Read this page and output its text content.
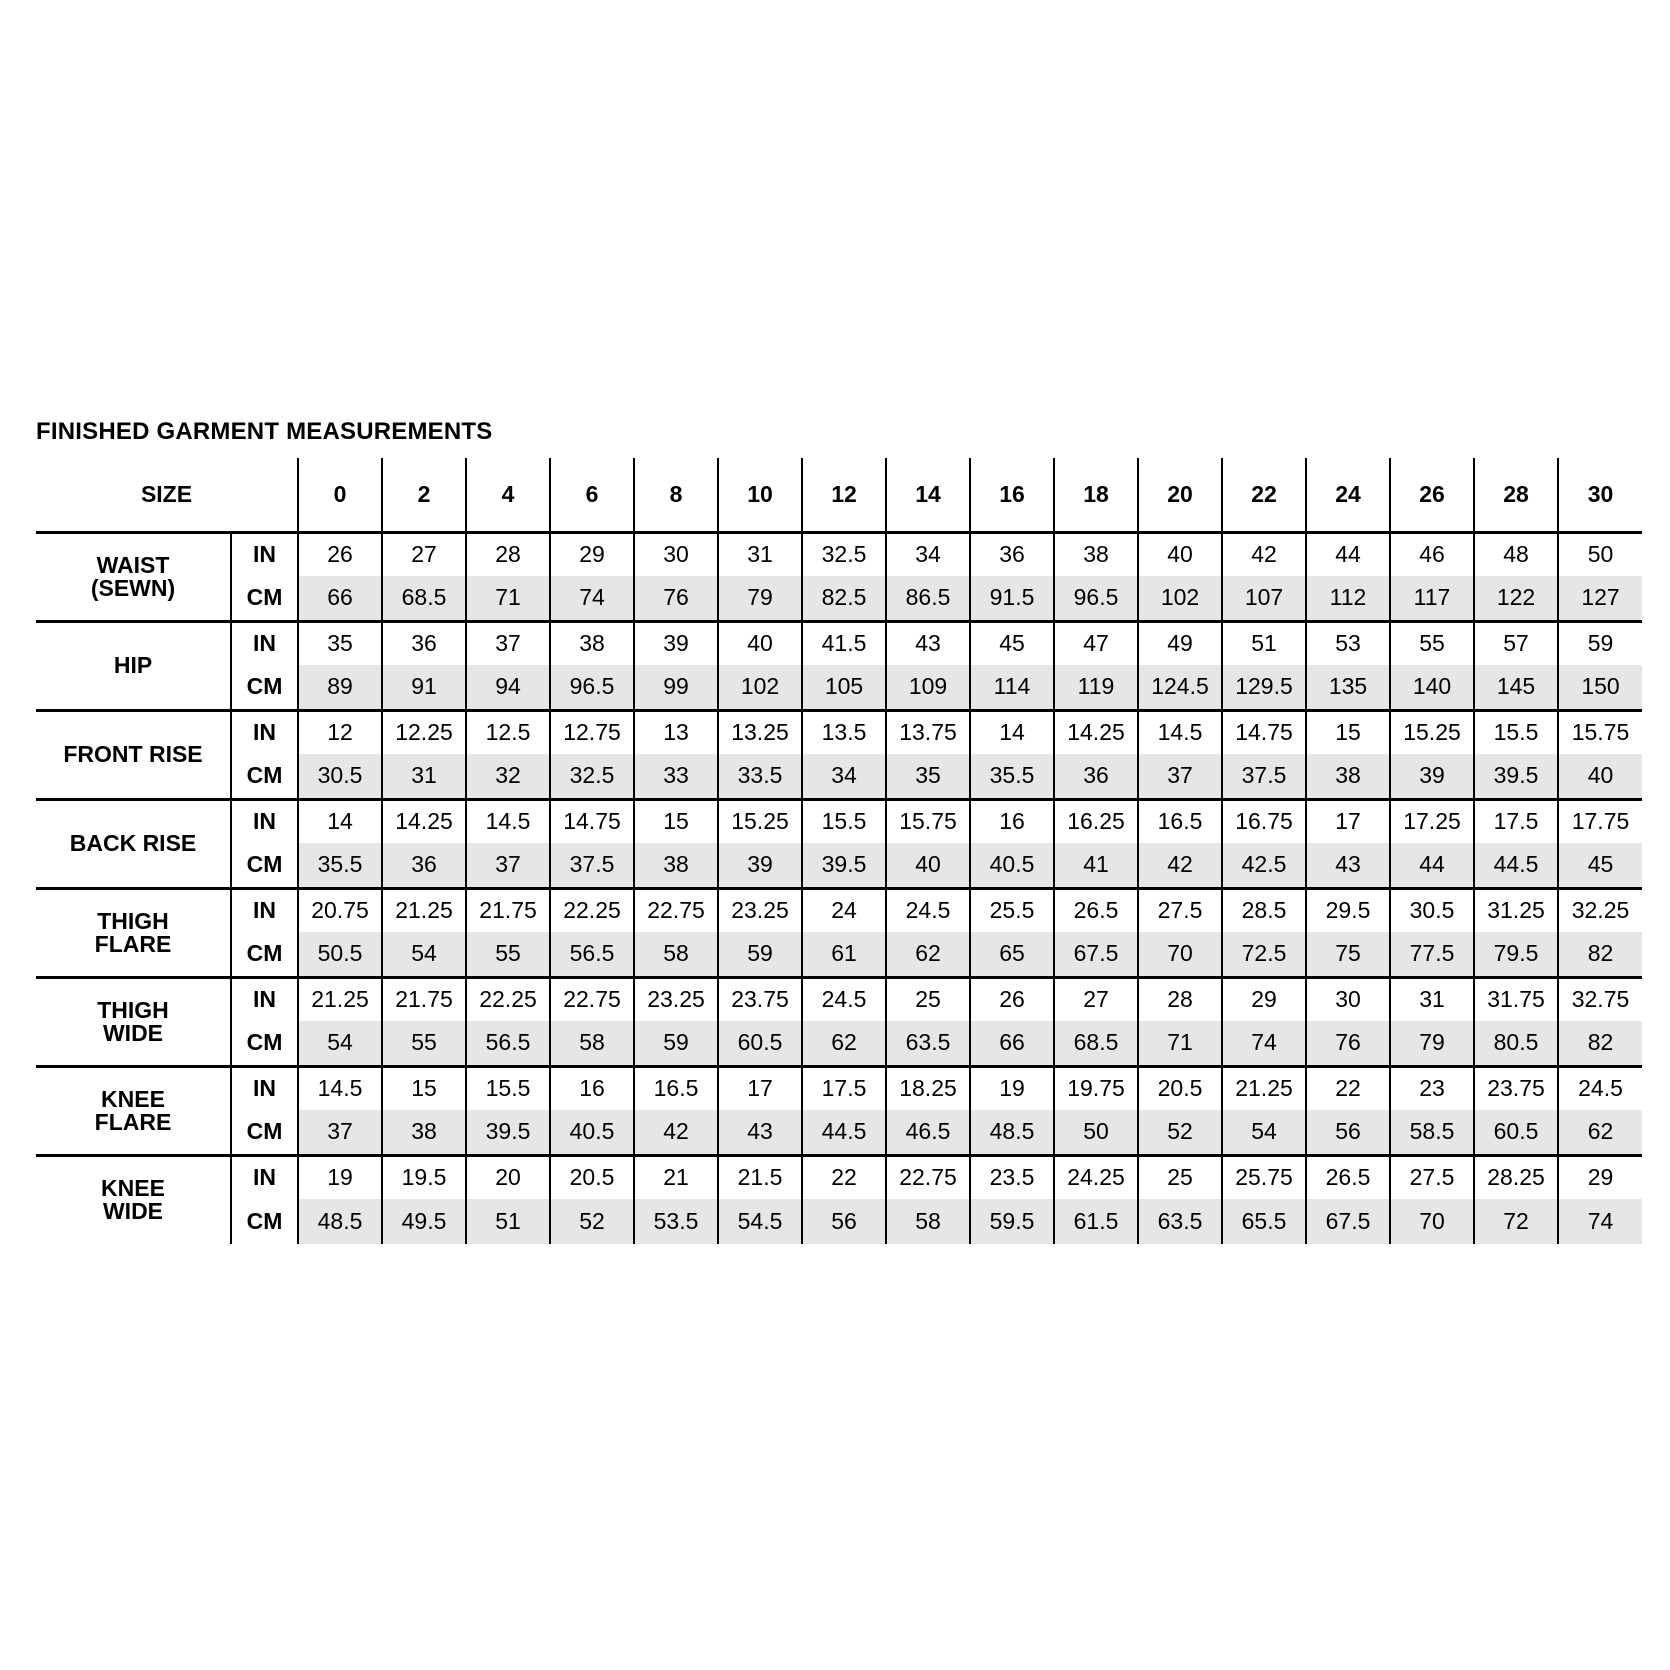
FINISHED GARMENT MEASUREMENTS
SIZE		0	2	4	6	8	10	12	14	16	18	20	22	24	26	28	30
WAIST
(SEWN)	IN	26	27	28	29	30	31	32.5	34	36	38	40	42	44	46	48	50
	CM	66	68.5	71	74	76	79	82.5	86.5	91.5	96.5	102	107	112	117	122	127
HIP	IN	35	36	37	38	39	40	41.5	43	45	47	49	51	53	55	57	59
	CM	89	91	94	96.5	99	102	105	109	114	119	124.5	129.5	135	140	145	150
FRONT RISE	IN	12	12.25	12.5	12.75	13	13.25	13.5	13.75	14	14.25	14.5	14.75	15	15.25	15.5	15.75
	CM	30.5	31	32	32.5	33	33.5	34	35	35.5	36	37	37.5	38	39	39.5	40
BACK RISE	IN	14	14.25	14.5	14.75	15	15.25	15.5	15.75	16	16.25	16.5	16.75	17	17.25	17.5	17.75
	CM	35.5	36	37	37.5	38	39	39.5	40	40.5	41	42	42.5	43	44	44.5	45
THIGH
FLARE	IN	20.75	21.25	21.75	22.25	22.75	23.25	24	24.5	25.5	26.5	27.5	28.5	29.5	30.5	31.25	32.25
	CM	50.5	54	55	56.5	58	59	61	62	65	67.5	70	72.5	75	77.5	79.5	82
THIGH
WIDE	IN	21.25	21.75	22.25	22.75	23.25	23.75	24.5	25	26	27	28	29	30	31	31.75	32.75
	CM	54	55	56.5	58	59	60.5	62	63.5	66	68.5	71	74	76	79	80.5	82
KNEE
FLARE	IN	14.5	15	15.5	16	16.5	17	17.5	18.25	19	19.75	20.5	21.25	22	23	23.75	24.5
	CM	37	38	39.5	40.5	42	43	44.5	46.5	48.5	50	52	54	56	58.5	60.5	62
KNEE
WIDE	IN	19	19.5	20	20.5	21	21.5	22	22.75	23.5	24.25	25	25.75	26.5	27.5	28.25	29
	CM	48.5	49.5	51	52	53.5	54.5	56	58	59.5	61.5	63.5	65.5	67.5	70	72	74
